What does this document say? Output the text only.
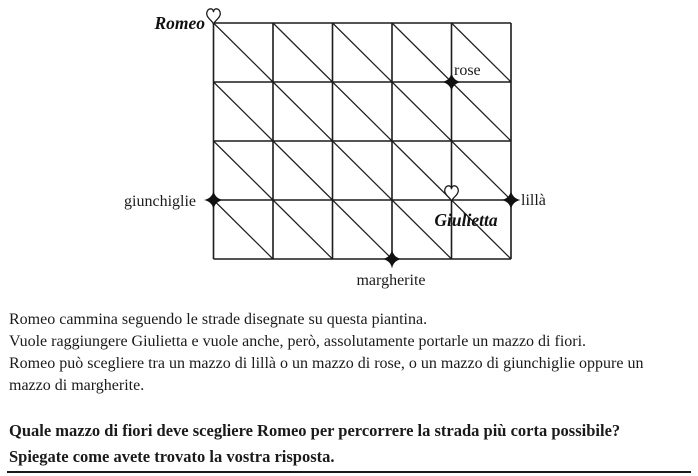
Romeo
rose
giunchiglie	lillà
Giulietta
margherite
Romeo cammina seguendo le strade disegnate su questa piantina.
Vuole raggiungere Giulietta e vuole anche, però, assolutamente portarle un mazzo di fiori.
Romeo può scegliere tra un mazzo di lillà o un mazzo di rose, o un mazzo di giunchiglie oppure un
mazzo di margherite.
Quale mazzo di fiori deve scegliere Romeo per percorrere la strada più corta possibile?
Spiegate come avete trovato la vostra risposta.
